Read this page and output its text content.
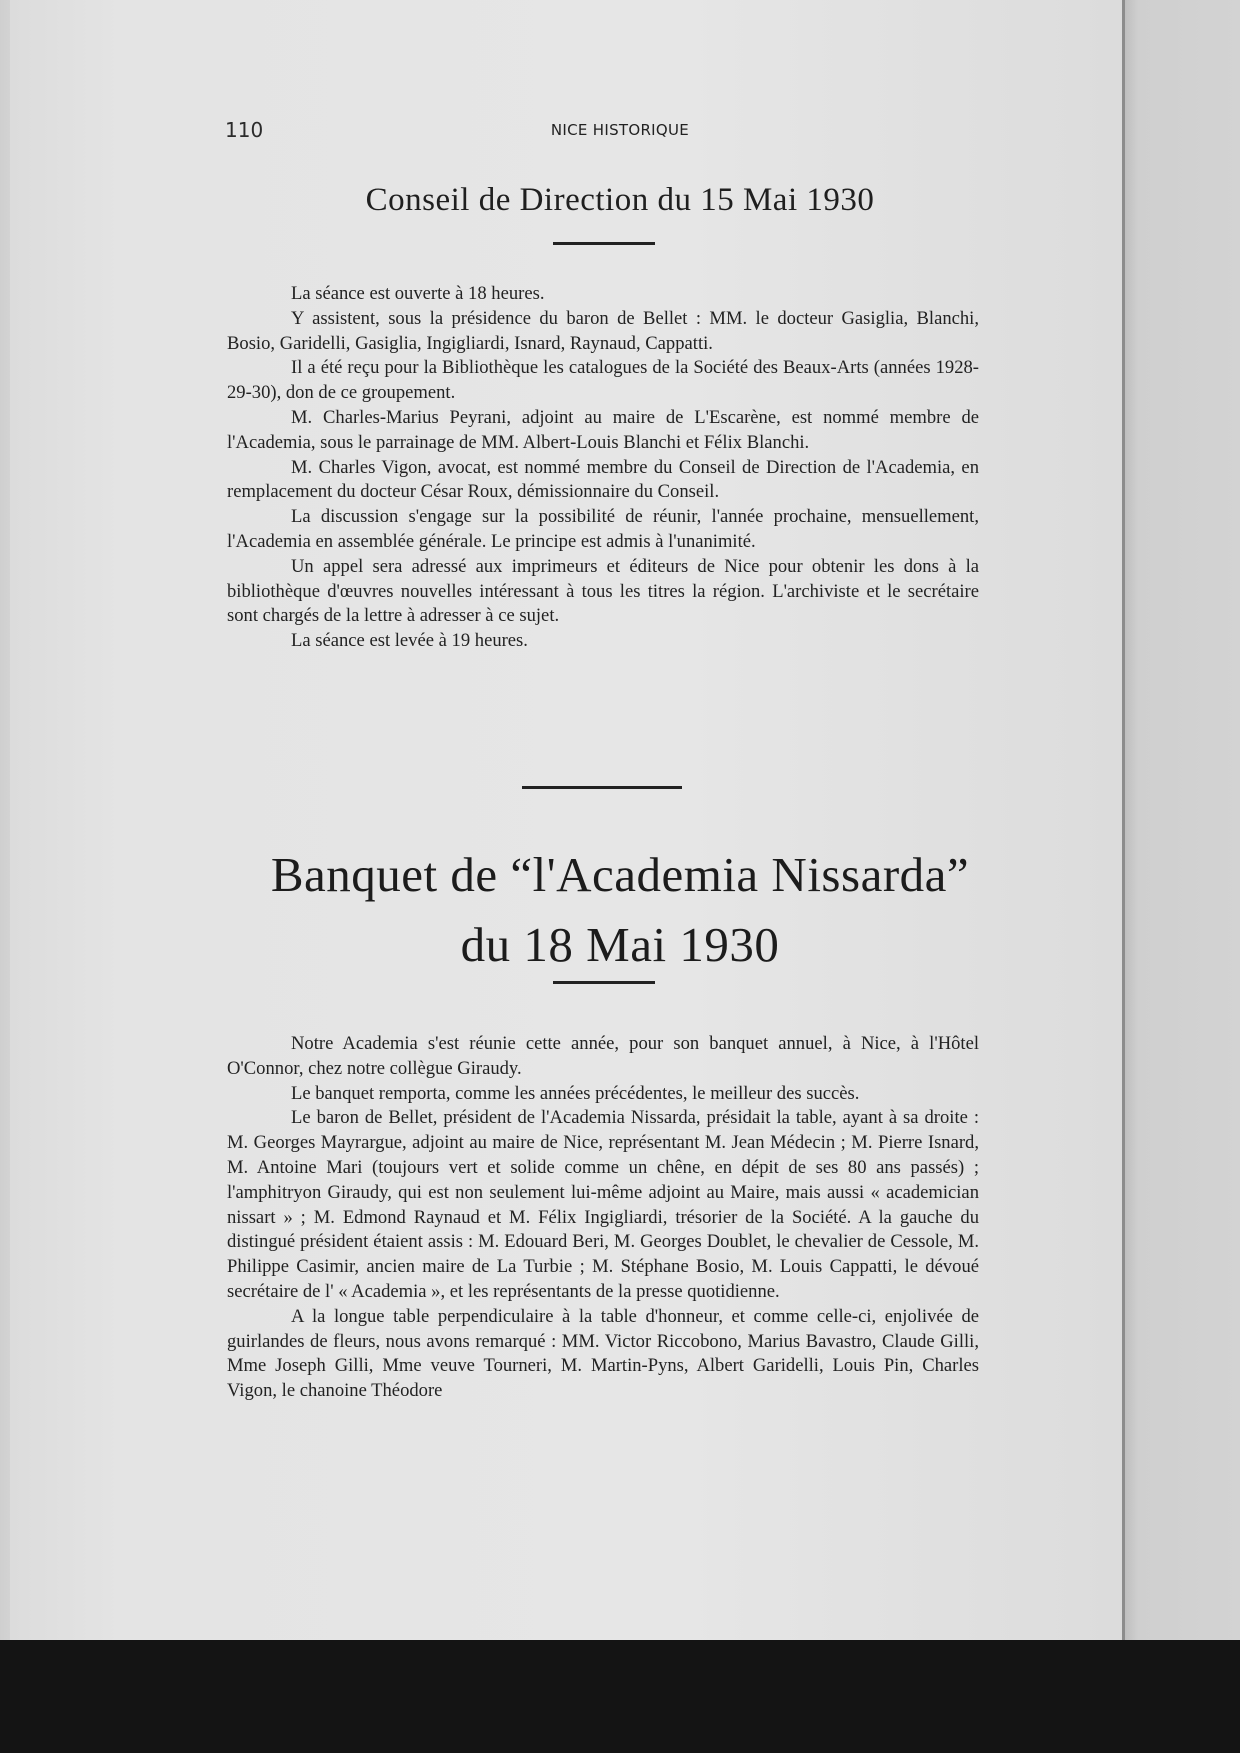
110	NICE HISTORIQUE
Conseil de Direction du 15 Mai 1930

La séance est ouverte à 18 heures.

Y assistent, sous la présidence du baron de Bellet : MM. le docteur Gasiglia, Blanchi, Bosio, Garidelli, Gasiglia, Ingigliardi, Isnard, Raynaud, Cappatti.

Il a été reçu pour la Bibliothèque les catalogues de la Société des Beaux-Arts (années 1928-29-30), don de ce groupement.

M. Charles-Marius Peyrani, adjoint au maire de L'Escarène, est nommé membre de l'Academia, sous le parrainage de MM. Albert-Louis Blanchi et Félix Blanchi.

M. Charles Vigon, avocat, est nommé membre du Conseil de Direction de l'Academia, en remplacement du docteur César Roux, démissionnaire du Conseil.

La discussion s'engage sur la possibilité de réunir, l'année prochaine, mensuellement, l'Academia en assemblée générale. Le principe est admis à l'unanimité.

Un appel sera adressé aux imprimeurs et éditeurs de Nice pour obtenir les dons à la bibliothèque d'œuvres nouvelles intéressant à tous les titres la région. L'archiviste et le secrétaire sont chargés de la lettre à adresser à ce sujet.

La séance est levée à 19 heures.

Banquet de “l'Academia Nissarda”
du 18 Mai 1930

Notre Academia s'est réunie cette année, pour son banquet annuel, à Nice, à l'Hôtel O'Connor, chez notre collègue Giraudy.

Le banquet remporta, comme les années précédentes, le meilleur des succès.

Le baron de Bellet, président de l'Academia Nissarda, présidait la table, ayant à sa droite : M. Georges Mayrargue, adjoint au maire de Nice, représentant M. Jean Médecin ; M. Pierre Isnard, M. Antoine Mari (toujours vert et solide comme un chêne, en dépit de ses 80 ans passés) ; l'amphitryon Giraudy, qui est non seulement lui-même adjoint au Maire, mais aussi « academician nissart » ; M. Edmond Raynaud et M. Félix Ingigliardi, trésorier de la Société. A la gauche du distingué président étaient assis : M. Edouard Beri, M. Georges Doublet, le chevalier de Cessole, M. Philippe Casimir, ancien maire de La Turbie ; M. Stéphane Bosio, M. Louis Cappatti, le dévoué secrétaire de l' « Academia », et les représentants de la presse quotidienne.

A la longue table perpendiculaire à la table d'honneur, et comme celle-ci, enjolivée de guirlandes de fleurs, nous avons remarqué : MM. Victor Riccobono, Marius Bavastro, Claude Gilli, Mme Joseph Gilli, Mme veuve Tourneri, M. Martin-Pyns, Albert Garidelli, Louis Pin, Charles Vigon, le chanoine Théodore
